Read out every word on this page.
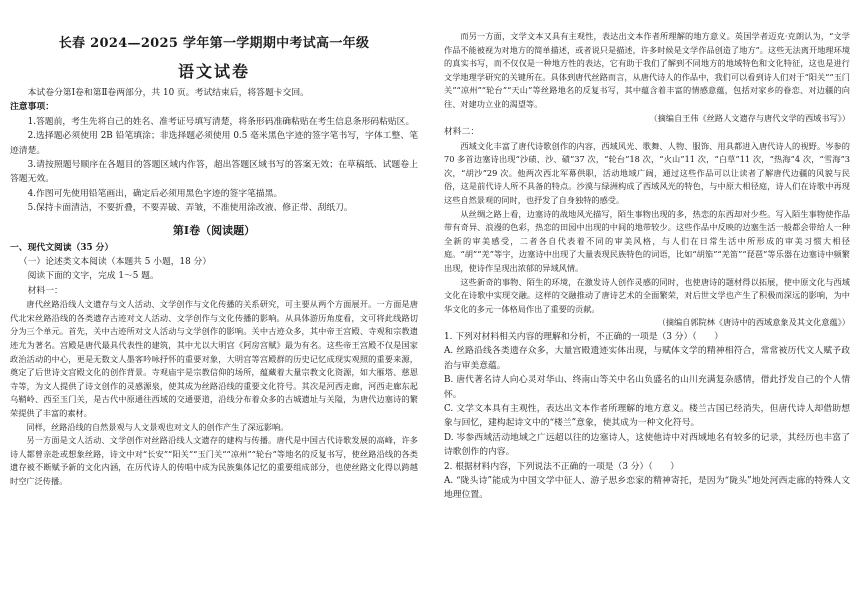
长春 2024—2025 学年第一学期期中考试高一年级

语文试卷

本试卷分第Ⅰ卷和第Ⅱ卷两部分，共 10 页。考试结束后，将答题卡交回。

注意事项：

1.答题前，考生先将自己的姓名、准考证号填写清楚，将条形码准确粘贴在考生信息条形码粘贴区。

2.选择题必须使用 2B 铅笔填涂；非选择题必须使用 0.5 毫米黑色字迹的签字笔书写，字体工整、笔迹清楚。

3.请按照题号顺序在各题目的答题区域内作答，超出答题区域书写的答案无效；在草稿纸、试题卷上答题无效。

4.作图可先使用铅笔画出，确定后必须用黑色字迹的签字笔描黑。

5.保持卡面清洁，不要折叠，不要弄破、弄皱，不准使用涂改液、修正带、刮纸刀。

第Ⅰ卷（阅读题）

一、现代文阅读（35 分）

（一）论述类文本阅读（本题共 5 小题，18 分）

阅读下面的文字，完成 1～5 题。

材料一：

唐代丝路沿线人文遗存与文人活动、文学创作与文化传播的关系研究，可主要从两个方面展开。一方面是唐代北宋丝路沿线的各类遗存古迹对文人活动、文学创作与文化传播的影响。从具体游历角度看，文可将此线路切分为三个单元。首先，关中古迹所对文人活动与文学创作的影响。关中古迹众多，其中帝王宫殿、寺观和宗教遗迹尤为著名。宫殿是唐代最具代表性的建筑，其中尤以大明宫《阿房宫赋》最为有名。这些帝王宫殿不仅是国家政治活动的中心，更是无数文人墨客吟咏抒怀的重要对象，大明宫等宫殿群的历史记忆成现实观照的重要来源，奠定了后世诗文宫殿文化的创作背景。寺观庙宇是宗教信仰的场所，蕴藏着大量宗教文化资源，如大雁塔、慈恩寺等，为文人提供了诗文创作的灵感源泉，使其成为丝路沿线的重要文化符号。其次是河西走廊，河西走廊东起乌鞘岭、西至玉门关，是古代中原通往西域的交通要道，沿线分布着众多的古城遗址与关隘，为唐代边塞诗的繁荣提供了丰富的素材。

同样，丝路沿线的自然景观与人文景观也对文人的创作产生了深远影响。

另一方面是文人活动、文学创作对丝路沿线人文遗存的建构与传播。唐代是中国古代诗歌发展的高峰，许多诗人都曾亲赴或想象丝路，诗文中对“长安”“阳关”“玉门关”“凉州”“轮台”等地名的反复书写，使丝路沿线的各类遗存被不断赋予新的文化内涵，在历代诗人的传唱中成为民族集体记忆的重要组成部分，也使丝路文化得以跨越时空广泛传播。

而另一方面，文学文本又具有主观性，表达出文本作者所理解的地方意义。英国学者迈克·克朗认为，“文学作品不能被视为对地方的简单描述，或者说只是描述，许多时候是文学作品创造了地方”。这些无法离开地理环境的真实书写，而不仅仅是一种地方性的表达，它有助于我们了解到不同地方的地域特色和文化特征，这也是进行文学地理学研究的关键所在。具体到唐代丝路而言，从唐代诗人的作品中，我们可以看到诗人们对于“阳关”“玉门关”“凉州”“轮台”“天山”等丝路地名的反复书写，其中蕴含着丰富的情感意蕴，包括对家乡的眷恋、对边疆的向往、对建功立业的渴望等。

（摘编自王伟《丝路人文遗存与唐代文学的西域书写》）

材料二：

西域文化丰富了唐代诗歌创作的内容，西域风光、歌舞、人物、服饰、用具都进入唐代诗人的视野。岑参的 70 多首边塞诗出现“沙碛、沙、磧”37 次，“轮台”18 次，“火山”11 次，“白草”11 次，“热海”4 次，“雪海”3 次，“胡沙”29 次。他两次西北军幕供职，活动地域广阔，通过这些作品可以让读者了解唐代边疆的风貌与民俗，这是前代诗人所不具备的特点。沙漠与绿洲构成了西域风光的特色，与中原大相径庭，诗人们在诗歌中再现这些自然景观的同时，也抒发了自身独特的感受。

从丝绸之路上看，边塞诗的战地风光描写，陌生事物出现的多，热恋的东西却对少些。写入陌生事物使作品带有奇异、浪漫的色彩，热恋的田园中出现的中间的地带较少。这些作品中反映的边塞生活一般都会带给人一种全新的审美感受，二者各自代表着不同的审美风格，与人们在日常生活中所形成的审美习惯大相径庭。“胡”“羌”等字，边塞诗中出现了大量表现民族特色的词语，比如“胡笳”“羌笛”“琵琶”等乐器在边塞诗中频繁出现，使诗作呈现出浓郁的异域风情。

这些新奇的事物、陌生的环境，在激发诗人创作灵感的同时，也使唐诗的题材得以拓展，使中原文化与西域文化在诗歌中实现交融。这样的交融推动了唐诗艺术的全面繁荣，对后世文学也产生了积极而深远的影响，为中华文化的多元一体格局作出了重要的贡献。

（摘编自郭院林《唐诗中的西域意象及其文化意蕴》）

1. 下列对材料相关内容的理解和分析，不正确的一项是（3 分）（　　）

A. 丝路沿线各类遗存众多，大量宫殿遗迹实体出现，与赋体文学的精神相符合，常常被历代文人赋予政治与审美意蕴。

B. 唐代著名诗人向心灵对华山、终南山等关中名山负盛名的山川充满复杂感情，借此抒发自己的个人情怀。

C. 文学文本具有主观性，表达出文本作者所理解的地方意义。楼兰古国已经消失，但唐代诗人却借助想象与回忆，建构起诗文中的“楼兰”意象，使其成为一种文化符号。

D. 岑参西域活动地域之广远超以往的边塞诗人，这使他诗中对西域地名有较多的记录，其经历也丰富了诗歌创作的内容。

2. 根据材料内容，下列说法不正确的一项是（3 分）（　　）

A. “陇头诗”能成为中国文学中征人、游子思乡恋家的精神寄托，是因为“陇头”地处河西走廊的特殊人文地理位置。
